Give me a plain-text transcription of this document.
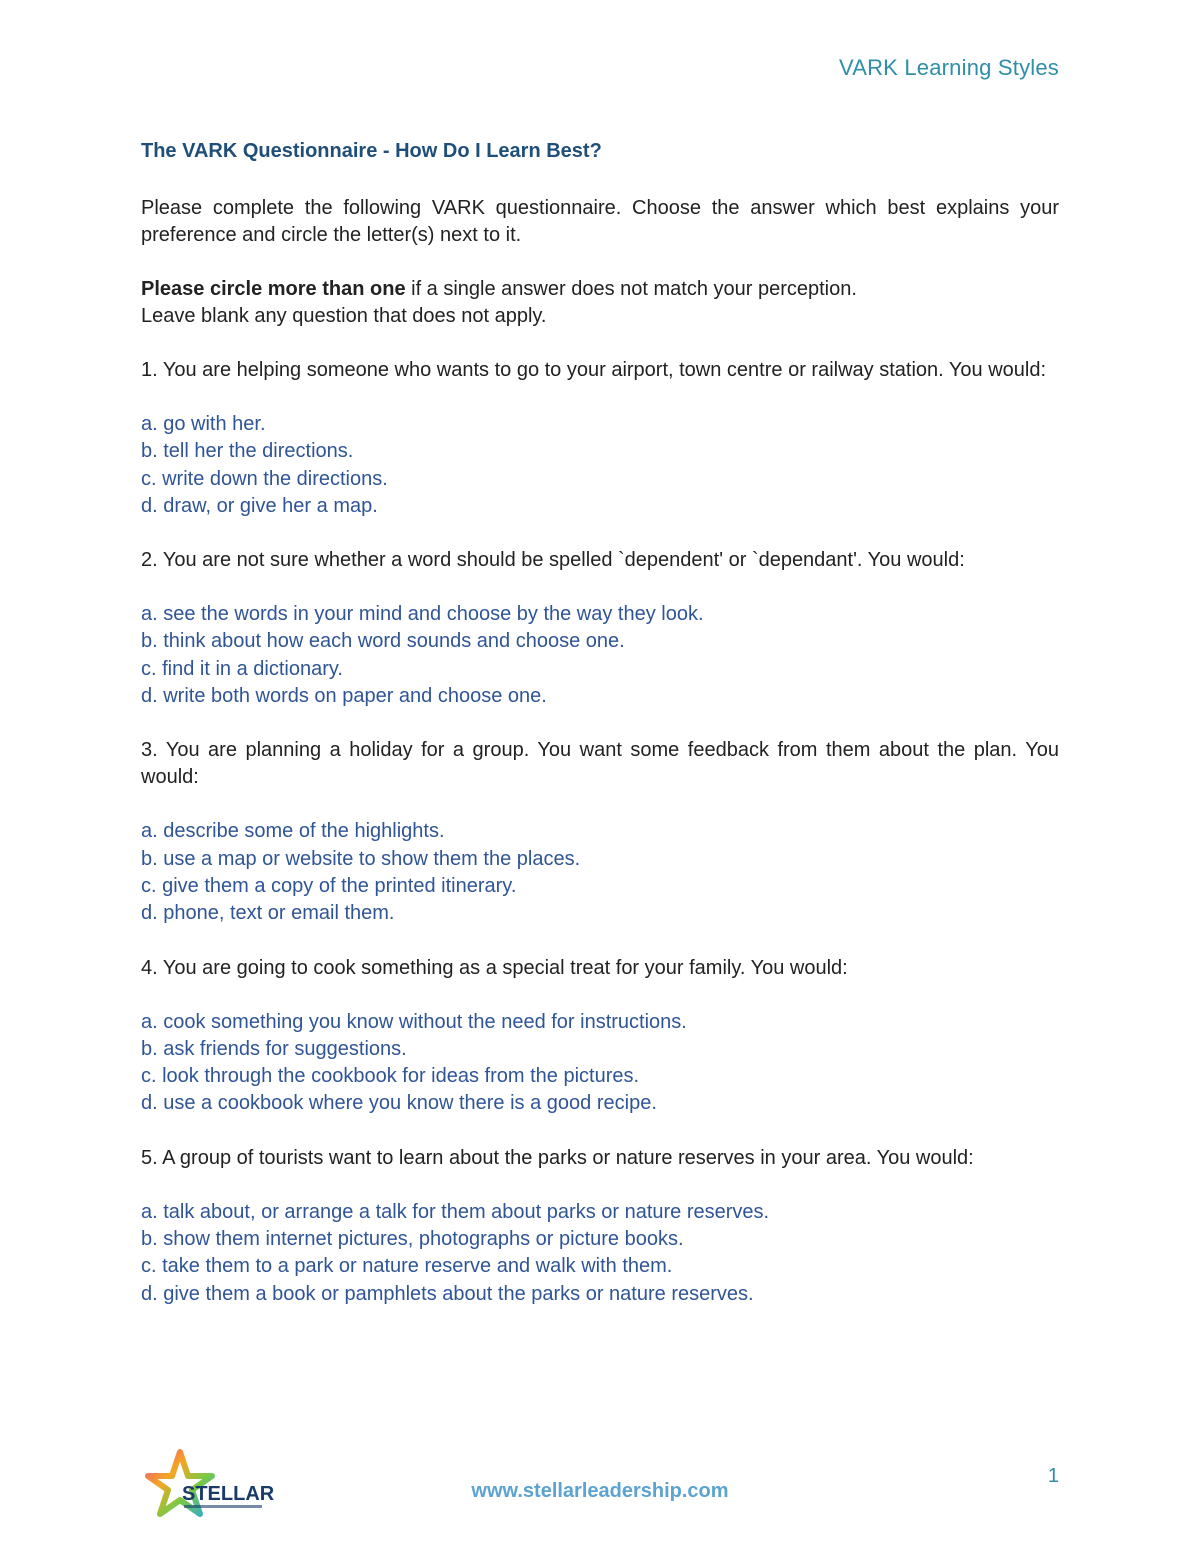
VARK Learning Styles
The VARK Questionnaire - How Do I Learn Best?

Please complete the following VARK questionnaire. Choose the answer which best explains your preference and circle the letter(s) next to it.

Please circle more than one if a single answer does not match your perception.
Leave blank any question that does not apply.

1. You are helping someone who wants to go to your airport, town centre or railway station. You would:

a. go with her.
b. tell her the directions.
c. write down the directions.
d. draw, or give her a map.

2. You are not sure whether a word should be spelled `dependent' or `dependant'. You would:

a. see the words in your mind and choose by the way they look.
b. think about how each word sounds and choose one.
c. find it in a dictionary.
d. write both words on paper and choose one.

3. You are planning a holiday for a group. You want some feedback from them about the plan. You would:

a. describe some of the highlights.
b. use a map or website to show them the places.
c. give them a copy of the printed itinerary.
d. phone, text or email them.

4. You are going to cook something as a special treat for your family. You would:

a. cook something you know without the need for instructions.
b. ask friends for suggestions.
c. look through the cookbook for ideas from the pictures.
d. use a cookbook where you know there is a good recipe.

5. A group of tourists want to learn about the parks or nature reserves in your area. You would:

a. talk about, or arrange a talk for them about parks or nature reserves.
b. show them internet pictures, photographs or picture books.
c. take them to a park or nature reserve and walk with them.
d. give them a book or pamphlets about the parks or nature reserves.
STELLAR	www.stellarleadership.com
1
